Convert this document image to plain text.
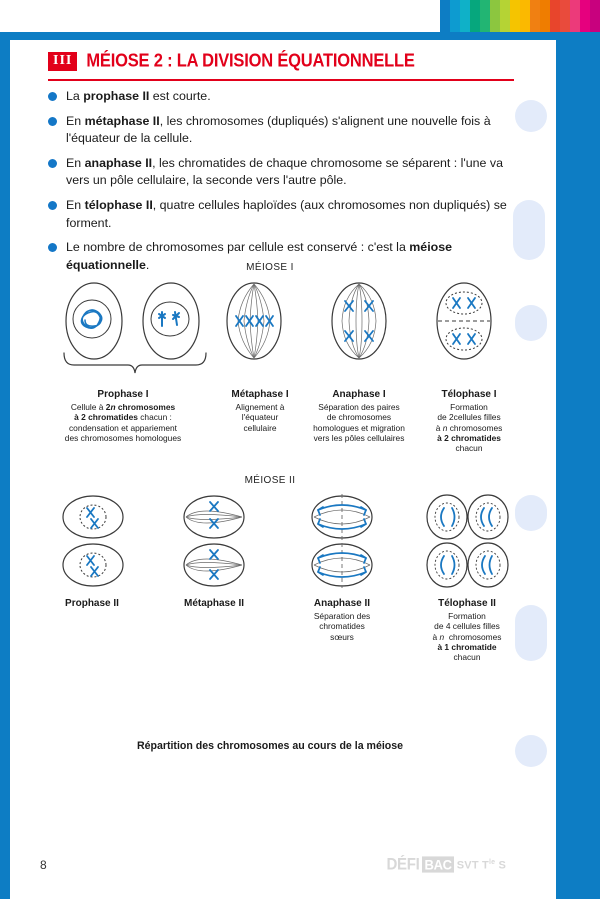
III MÉIOSE 2 : LA DIVISION ÉQUATIONNELLE
La prophase II est courte.
En métaphase II, les chromosomes (dupliqués) s'alignent une nouvelle fois à l'équateur de la cellule.
En anaphase II, les chromatides de chaque chromosome se séparent : l'une va vers un pôle cellulaire, la seconde vers l'autre pôle.
En télophase II, quatre cellules haploïdes (aux chromosomes non dupliqués) se forment.
Le nombre de chromosomes par cellule est conservé : c'est la méiose équationnelle.	MÉIOSE I
Prophase I
Cellule à 2n chromosomes
à 2 chromatides chacun :
condensation et appariement
des chromosomes homologues
Métaphase I
Alignement à
l'équateur
cellulaire
Anaphase I
Séparation des paires
de chromosomes
homologues et migration
vers les pôles cellulaires
Télophase I
Formation
de 2cellules filles
à n chromosomes
à 2 chromatides
chacun
MÉIOSE II
Prophase II	Métaphase II	Anaphase II
Séparation des
chromatides
sœurs
Télophase II
Formation
de 4 cellules filles
à n  chromosomes
à 1 chromatide
chacun
Répartition des chromosomes au cours de la méiose
8	DÉFI BAC SVT $T^{le}$ S
